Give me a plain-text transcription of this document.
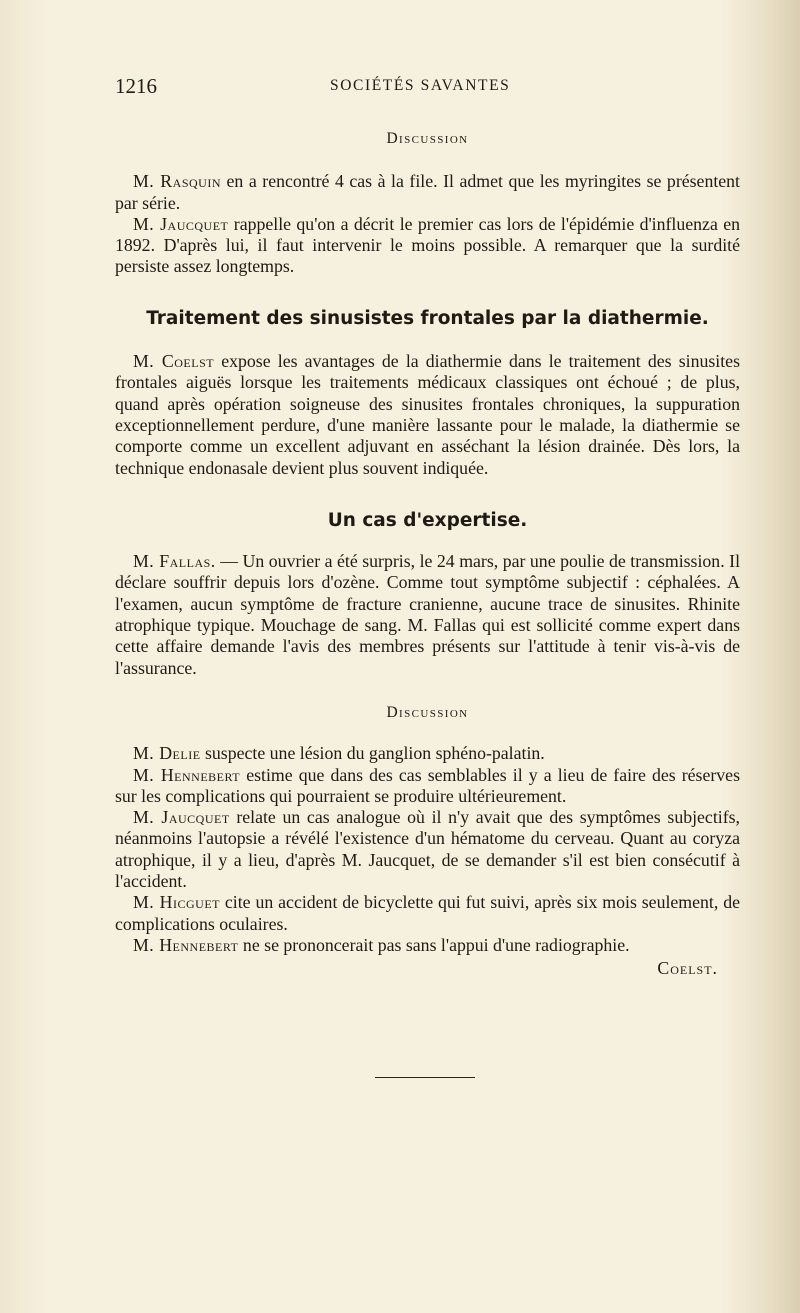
1216	SOCIÉTÉS SAVANTES
Discussion

M. Rasquin en a rencontré 4 cas à la file. Il admet que les myringites se présentent par série.

M. Jaucquet rappelle qu'on a décrit le premier cas lors de l'épidémie d'influenza en 1892. D'après lui, il faut intervenir le moins possible. A remarquer que la surdité persiste assez longtemps.

Traitement des sinusistes frontales par la diathermie.

M. Coelst expose les avantages de la diathermie dans le traitement des sinusites frontales aiguës lorsque les traitements médicaux classiques ont échoué ; de plus, quand après opération soigneuse des sinusites frontales chroniques, la suppuration exceptionnellement perdure, d'une manière lassante pour le malade, la diathermie se comporte comme un excellent adjuvant en asséchant la lésion drainée. Dès lors, la technique endonasale devient plus souvent indiquée.

Un cas d'expertise.

M. Fallas. — Un ouvrier a été surpris, le 24 mars, par une poulie de transmission. Il déclare souffrir depuis lors d'ozène. Comme tout symptôme subjectif : céphalées. A l'examen, aucun symptôme de fracture cranienne, aucune trace de sinusites. Rhinite atrophique typique. Mouchage de sang. M. Fallas qui est sollicité comme expert dans cette affaire demande l'avis des membres présents sur l'attitude à tenir vis-à-vis de l'assurance.

Discussion

M. Delie suspecte une lésion du ganglion sphéno-palatin.

M. Hennebert estime que dans des cas semblables il y a lieu de faire des réserves sur les complications qui pourraient se produire ultérieurement.

M. Jaucquet relate un cas analogue où il n'y avait que des symptômes subjectifs, néanmoins l'autopsie a révélé l'existence d'un hématome du cerveau. Quant au coryza atrophique, il y a lieu, d'après M. Jaucquet, de se demander s'il est bien consécutif à l'accident.

M. Hicguet cite un accident de bicyclette qui fut suivi, après six mois seulement, de complications oculaires.

M. Hennebert ne se prononcerait pas sans l'appui d'une radiographie.

Coelst.
